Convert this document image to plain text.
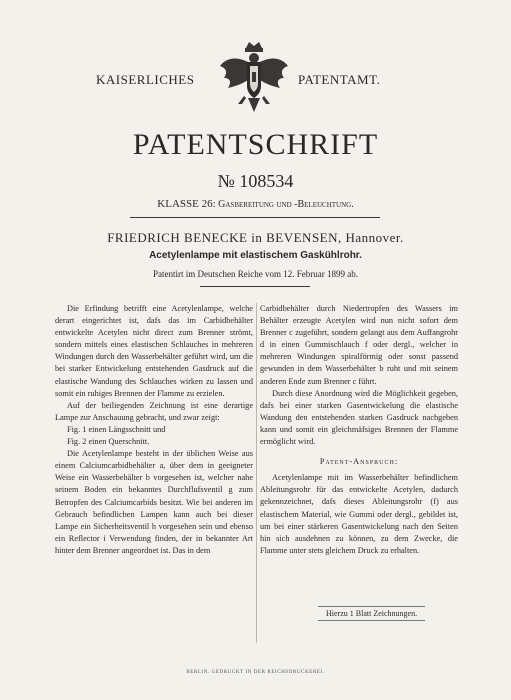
KAISERLICHES	PATENTAMT.
PATENTSCHRIFT
№ 108534
KLASSE 26: Gasbereitung und -Beleuchtung.
FRIEDRICH BENECKE in BEVENSEN, Hannover.
Acetylenlampe mit elastischem Gaskühlrohr.
Patentirt im Deutschen Reiche vom 12. Februar 1899 ab.

Die Erfindung betrifft eine Acetylenlampe, welche derart eingerichtet ist, dafs das im Carbidbehälter entwickelte Acetylen nicht direct zum Brenner strömt, sondern mittels eines elastischen Schlauches in mehreren Windungen durch den Wasserbehälter geführt wird, um die bei starker Entwickelung entstehenden Gasdruck auf die elastische Wandung des Schlauches wirken zu lassen und somit ein ruhiges Brennen der Flamme zu erzielen.

Auf der beiliegenden Zeichnung ist eine derartige Lampe zur Anschauung gebracht, und zwar zeigt:

Fig. 1 einen Längsschnitt und

Fig. 2 einen Querschnitt.

Die Acetylenlampe besteht in der üblichen Weise aus einem Calciumcarbidbehälter a, über dem in geeigneter Weise ein Wasserbehälter b vorgesehen ist, welcher nahe seinem Boden ein bekanntes Durchflufsventil g zum Betropfen des Calciumcarbids besitzt. Wie bei anderen im Gebrauch befindlichen Lampen kann auch bei dieser Lampe ein Sicherheitsventil h vorgesehen sein und ebenso ein Reflector i Verwendung finden, der in bekannter Art hinter dem Brenner angeordnet ist. Das in dem

Carbidbehälter durch Niedertropfen des Wassers im Behälter erzeugte Acetylen wird nun nicht sofort dem Brenner c zugeführt, sondern gelangt aus dem Auffangrohr d in einen Gummischlauch f oder dergl., welcher in mehreren Windungen spiralförmig oder sonst passend gewunden in dem Wasserbehälter b ruht und mit seinem anderen Ende zum Brenner c führt.

Durch diese Anordnung wird die Möglichkeit gegeben, dafs bei einer starken Gasentwickelung die elastische Wandung den entstehenden starken Gasdruck nachgeben kann und somit ein gleichmäfsiges Brennen der Flamme ermöglicht wird.

Patent-Anspruch:

Acetylenlampe mit im Wasserbehälter befindlichem Ableitungsrohr für das entwickelte Acetylen, dadurch gekennzeichnet, dafs dieses Ableitungsrohr (f) aus elastischem Material, wie Gummi oder dergl., gebildet ist, um bei einer stärkeren Gasentwickelung nach den Seiten hin sich ausdehnen zu können, zu dem Zwecke, die Flamme unter stets gleichem Druck zu erhalten.

Hierzu 1 Blatt Zeichnungen.
BERLIN. GEDRUCKT IN DER REICHSDRUCKEREI.
